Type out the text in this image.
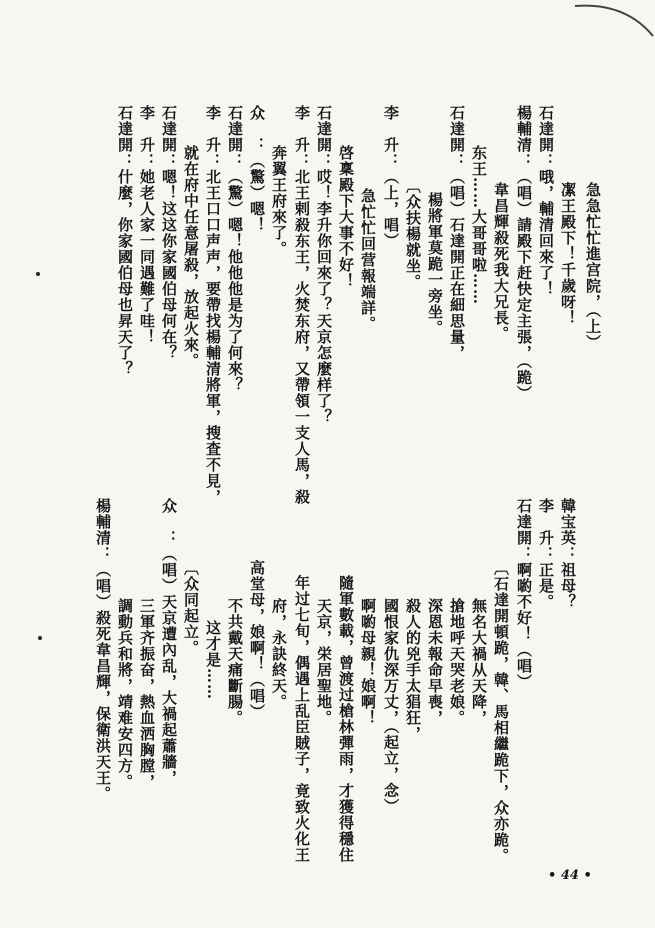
急急忙忙進宫院，（上）
㓗王殿下！千歲呀！
石達開：哦，輔清回來了！
楊輔清：（唱）請殿下赶快定主張，（跪）
韋昌輝殺死我大兄長。
东王……大哥哥啦……
石達開：（唱）石達開正在細思量，
楊將軍莫跪一旁坐。
〔众扶楊就坐。
李　升：（上，唱）
急忙忙回营報端詳。
啓稟殿下大事不好！
石達開：哎！李升你回來了？天京怎麼样了？
李　升：北王剌殺东王，火焚东府，又帶領一支人馬，殺
奔翼王府來了。
众　：（驚）嗯！
石達開：（驚）嗯！他他他是为了何來？
李　升：北王口口声声，要帶找楊輔清將軍，搜査不見，
就在府中任意屠殺，放起火來。
石達開：嗯！这这你家國伯母何在？
李　升：她老人家一同遇難了哇！
石達開：什麼，你家國伯母也昇天了？
韓宝英：祖母？
李　升：正是。
石達開：啊喲不好！（唱）
〔石達開頓跪，韓、馬相繼跪下，众亦跪。
無名大禍从天降，
搶地呼天哭老娘。
深恩未報命早喪，
殺人的兇手太猖狂，
國恨家仇深万丈，（起立，念）
啊喲母親！娘啊！
隨軍數載，曾渡过槍林彈雨，才獲得穩住
天京，栄居聖地。
年过七旬，偶遇上乱臣賊子，竟致火化王
府，永訣終天。
高堂母，娘啊！（唱）
不共戴天痛斷腸。
这才是……
〔众同起立。
众　：（唱）天京遭內乱，大禍起蕭牆，
三軍齐振奋，熱血洒胸膛，
調動兵和將，靖难安四方。
楊輔清：（唱）殺死韋昌輝，保衛洪天王。
• 44 •
